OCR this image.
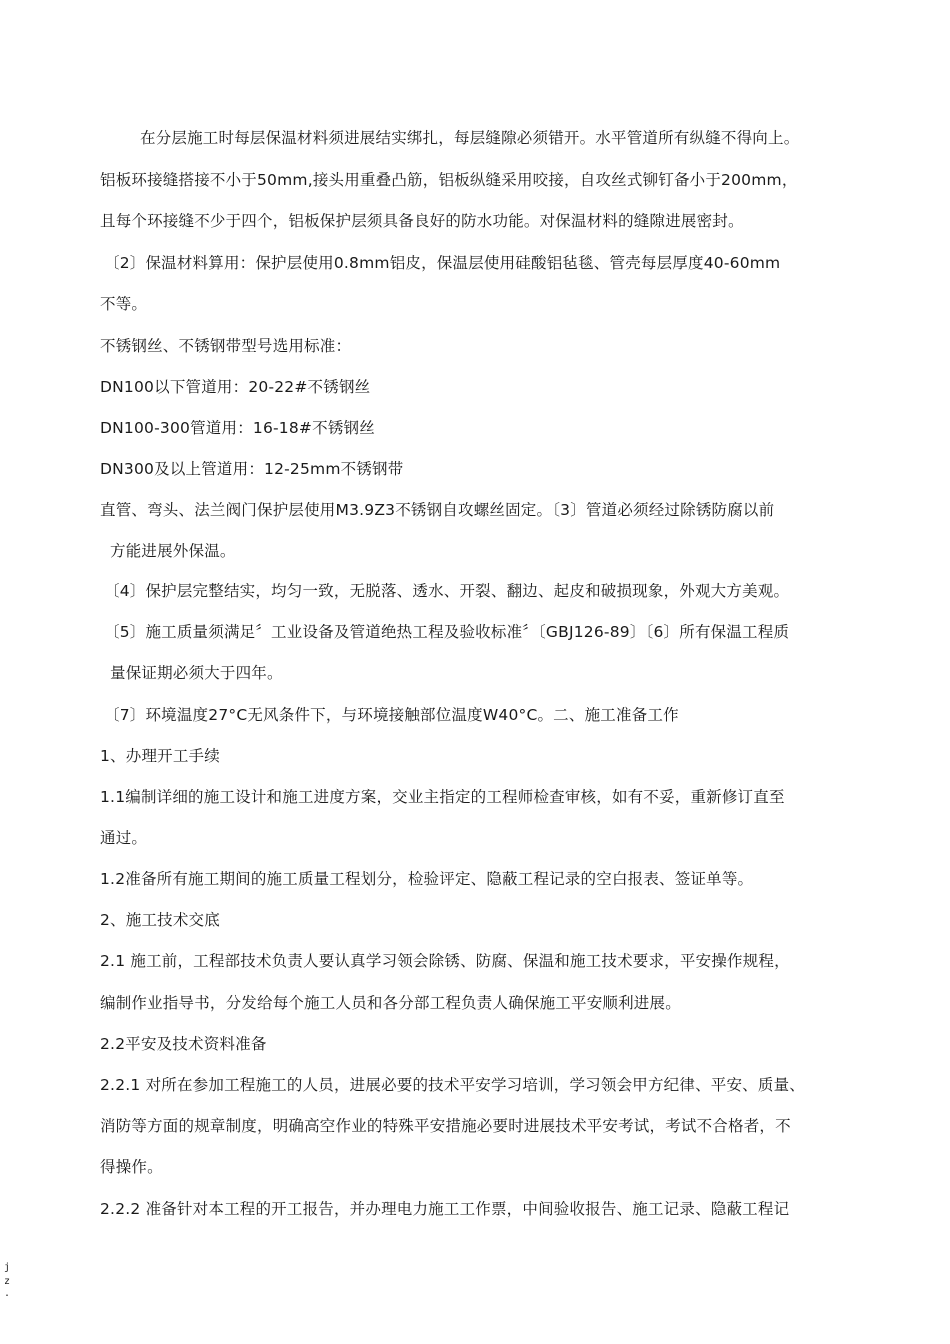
在分层施工时每层保温材料须进展结实绑扎，每层缝隙必须错开。水平管道所有纵缝不得向上。
铝板环接缝搭接不小于50mm,接头用重叠凸筋，铝板纵缝采用咬接，自攻丝式铆钉备小于200mm，
且每个环接缝不少于四个，铝板保护层须具备良好的防水功能。对保温材料的缝隙进展密封。
〔2〕保温材料算用：保护层使用0.8mm铝皮，保温层使用硅酸铝毡毯、管壳每层厚度40-60mm
不等。
不锈钢丝、不锈钢带型号选用标准：
DN100以下管道用：20-22#不锈钢丝
DN100-300管道用：16-18#不锈钢丝
DN300及以上管道用：12-25mm不锈钢带
直管、弯头、法兰阀门保护层使用M3.9Z3不锈钢自攻螺丝固定。〔3〕管道必须经过除锈防腐以前
方能进展外保温。
〔4〕保护层完整结实，均匀一致，无脱落、透水、开裂、翻边、起皮和破损现象，外观大方美观。
〔5〕施工质量须满足〞工业设备及管道绝热工程及验收标准〞〔GBJ126-89〕〔6〕所有保温工程质
量保证期必须大于四年。
〔7〕环境温度27°C无风条件下，与环境接触部位温度W40°C。二、施工准备工作
1、办理开工手续
1.1编制详细的施工设计和施工进度方案，交业主指定的工程师检查审核，如有不妥，重新修订直至
通过。
1.2准备所有施工期间的施工质量工程划分，检验评定、隐蔽工程记录的空白报表、签证单等。
2、施工技术交底
2.1 施工前，工程部技术负责人要认真学习领会除锈、防腐、保温和施工技术要求，平安操作规程，
编制作业指导书，分发给每个施工人员和各分部工程负责人确保施工平安顺利进展。
2.2平安及技术资料准备
2.2.1 对所在参加工程施工的人员，进展必要的技术平安学习培训，学习领会甲方纪律、平安、质量、
消防等方面的规章制度，明确高空作业的特殊平安措施必要时进展技术平安考试，考试不合格者，不
得操作。
2.2.2 准备针对本工程的开工报告，并办理电力施工工作票，中间验收报告、施工记录、隐蔽工程记
j
z
.
